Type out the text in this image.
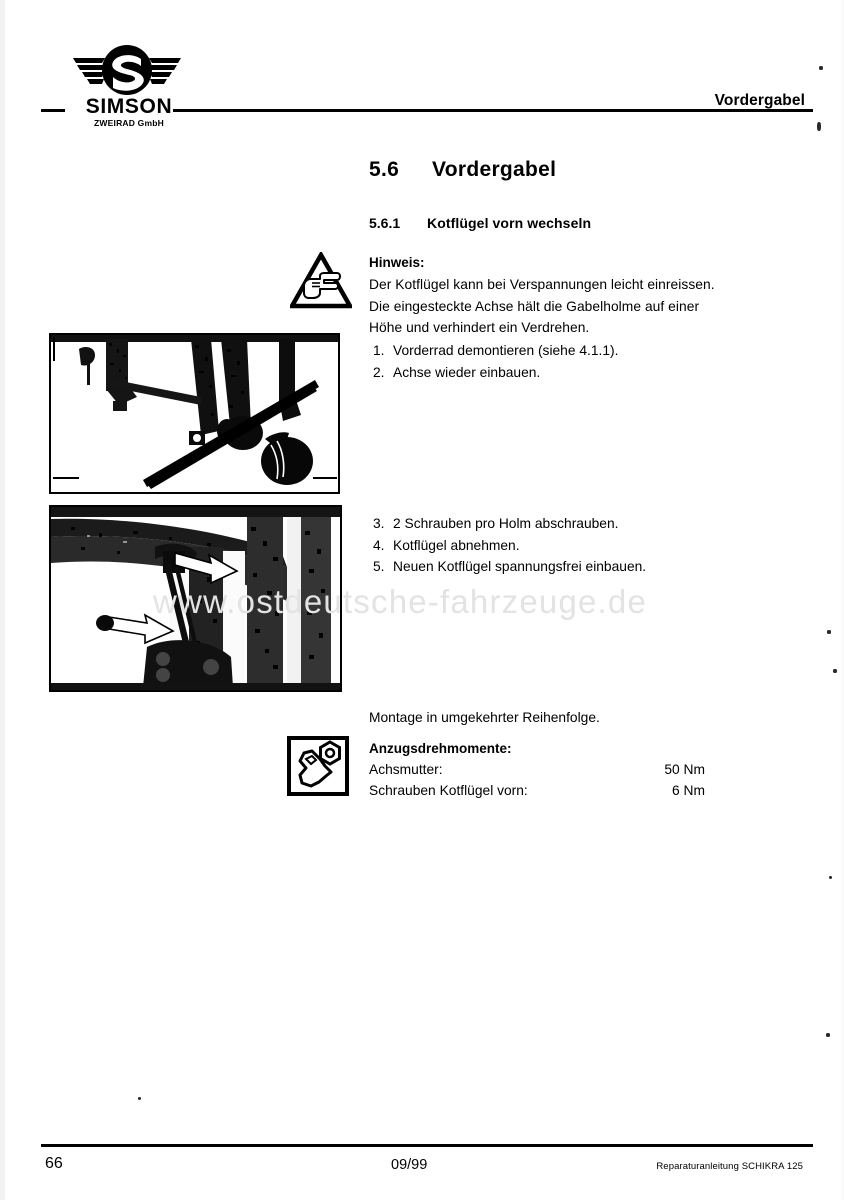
SIMSON
ZWEIRAD GmbH
Vordergabel
5.6 Vordergabel
5.6.1 Kotflügel vorn wechseln
Hinweis:
Der Kotflügel kann bei Verspannungen leicht einreissen.
Die eingesteckte Achse hält die Gabelholme auf einer
Höhe und verhindert ein Verdrehen.
1. Vorderrad demontieren (siehe 4.1.1).
2. Achse wieder einbauen.
3. 2 Schrauben pro Holm abschrauben.
4. Kotflügel abnehmen.
5. Neuen Kotflügel spannungsfrei einbauen.
www.ostdeutsche-fahrzeuge.de
Montage in umgekehrter Reihenfolge.
Anzugsdrehmomente:
Achsmutter:	50 Nm
Schrauben Kotflügel vorn:	6 Nm
66	09/99	Reparaturanleitung SCHIKRA 125
